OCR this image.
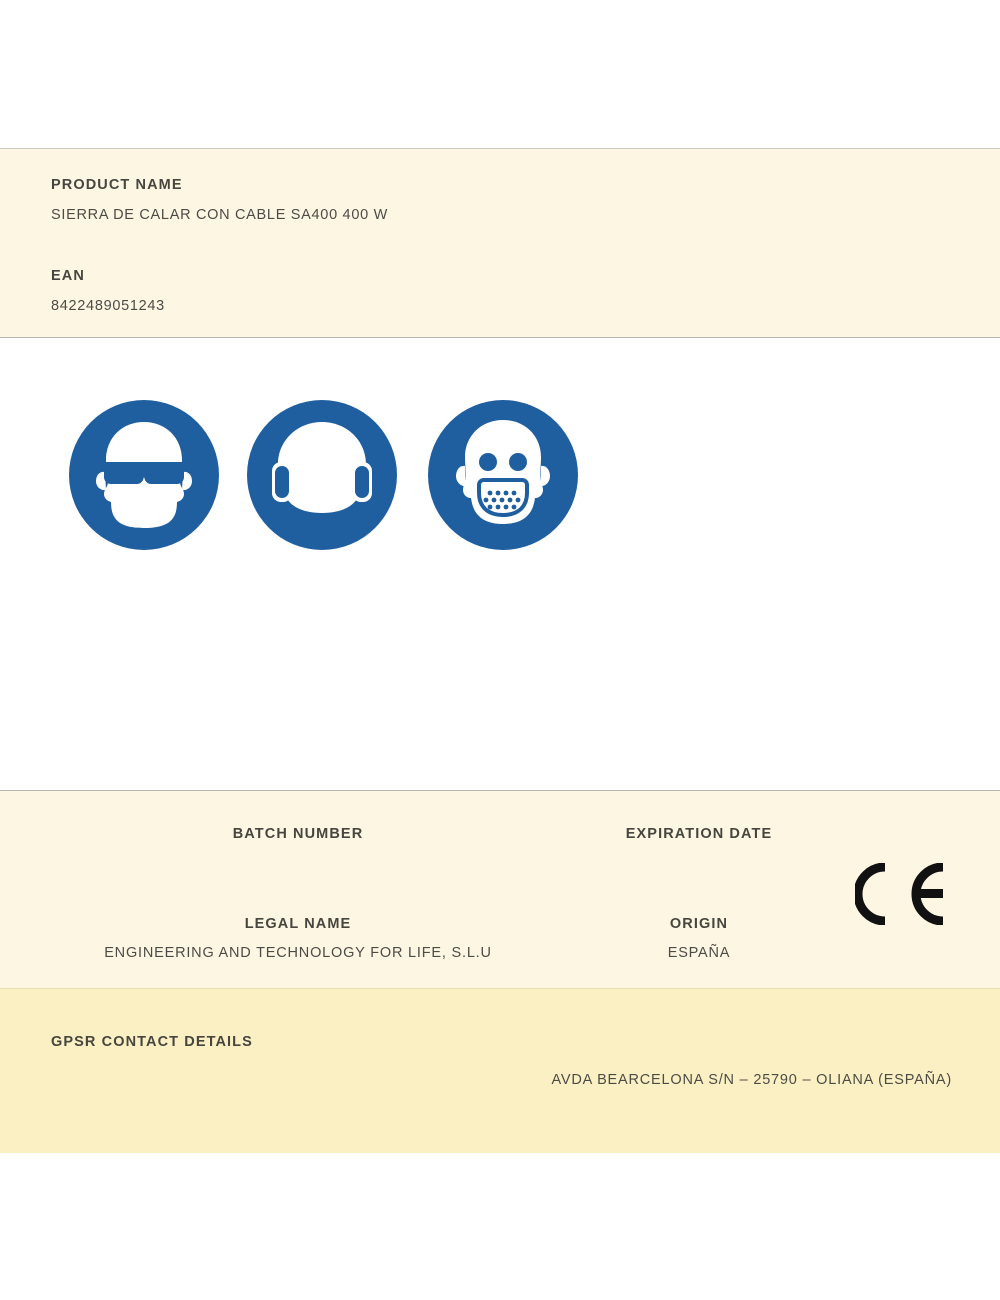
PRODUCT NAME
SIERRA DE CALAR CON CABLE SA400 400 W
EAN
8422489051243
BATCH NUMBER	EXPIRATION DATE
LEGAL NAME
ENGINEERING AND TECHNOLOGY FOR LIFE, S.L.U
ORIGIN
ESPAÑA
GPSR CONTACT DETAILS
AVDA BEARCELONA S/N – 25790 – OLIANA (ESPAÑA)
